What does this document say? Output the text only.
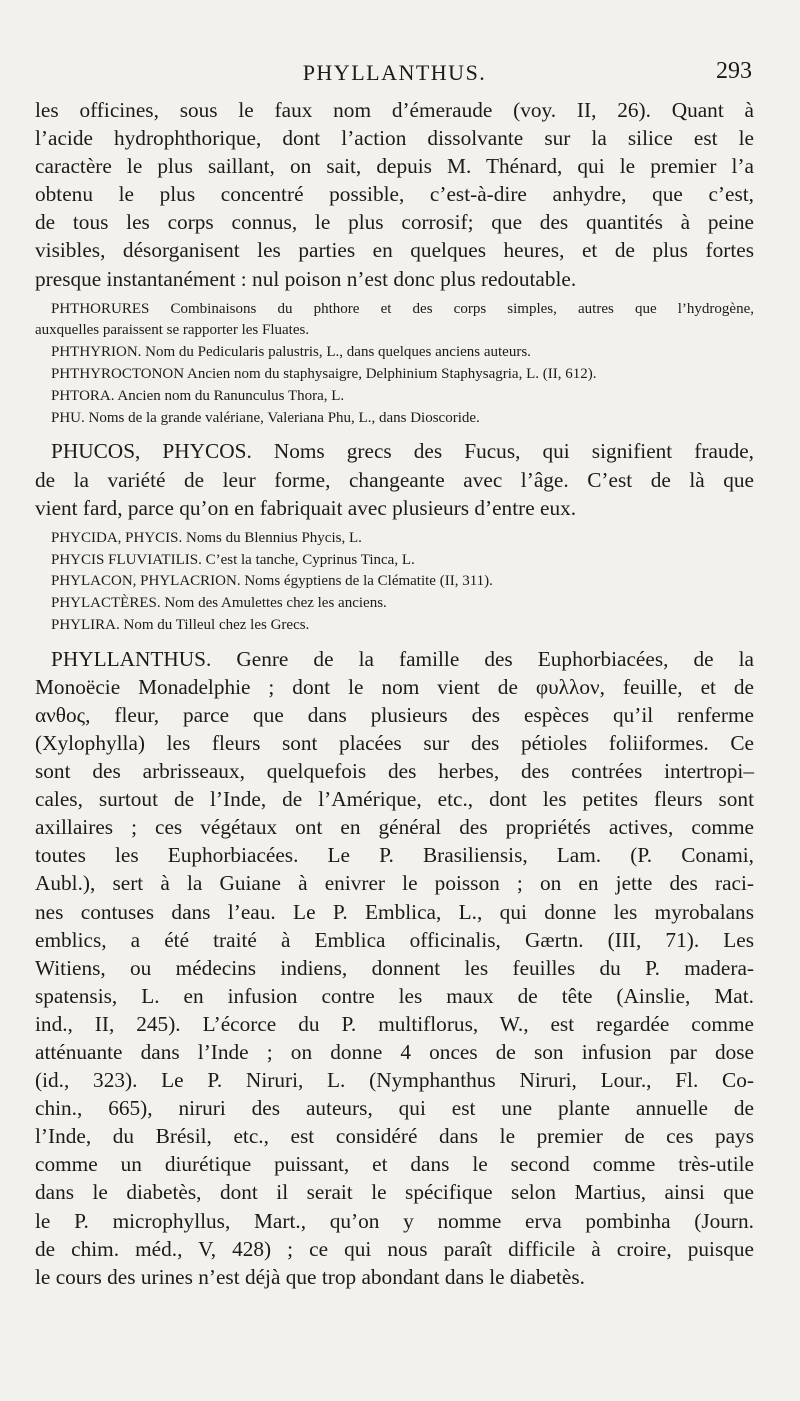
PHYLLANTHUS.	293

les officines, sous le faux nom d’émeraude (voy. II, 26). Quant à

l’acide hydrophthorique, dont l’action dissolvante sur la silice est le

caractère le plus saillant, on sait, depuis M. Thénard, qui le premier l’a

obtenu le plus concentré possible, c’est-à-dire anhydre, que c’est,

de tous les corps connus, le plus corrosif; que des quantités à peine

visibles, désorganisent les parties en quelques heures, et de plus fortes

presque instantanément : nul poison n’est donc plus redoutable.

PHTHORURES Combinaisons du phthore et des corps simples, autres que l’hydrogène,

auxquelles paraissent se rapporter les Fluates.

PHTHYRION. Nom du Pedicularis palustris, L., dans quelques anciens auteurs.

PHTHYROCTONON Ancien nom du staphysaigre, Delphinium Staphysagria, L. (II, 612).

PHTORA. Ancien nom du Ranunculus Thora, L.

PHU. Noms de la grande valériane, Valeriana Phu, L., dans Dioscoride.

PHUCOS, PHYCOS. Noms grecs des Fucus, qui signifient fraude,

de la variété de leur forme, changeante avec l’âge. C’est de là que

vient fard, parce qu’on en fabriquait avec plusieurs d’entre eux.

PHYCIDA, PHYCIS. Noms du Blennius Phycis, L.

PHYCIS FLUVIATILIS. C’est la tanche, Cyprinus Tinca, L.

PHYLACON, PHYLACRION. Noms égyptiens de la Clématite (II, 311).

PHYLACTÈRES. Nom des Amulettes chez les anciens.

PHYLIRA. Nom du Tilleul chez les Grecs.

PHYLLANTHUS. Genre de la famille des Euphorbiacées, de la

Monoëcie Monadelphie ; dont le nom vient de φυλλον, feuille, et de

ανθος, fleur, parce que dans plusieurs des espèces qu’il renferme

(Xylophylla) les fleurs sont placées sur des pétioles foliiformes. Ce

sont des arbrisseaux, quelquefois des herbes, des contrées intertropi–

cales, surtout de l’Inde, de l’Amérique, etc., dont les petites fleurs sont

axillaires ; ces végétaux ont en général des propriétés actives, comme

toutes les Euphorbiacées. Le P. Brasiliensis, Lam. (P. Conami,

Aubl.), sert à la Guiane à enivrer le poisson ; on en jette des raci-

nes contuses dans l’eau. Le P. Emblica, L., qui donne les myrobalans

emblics, a été traité à Emblica officinalis, Gærtn. (III, 71). Les

Witiens, ou médecins indiens, donnent les feuilles du P. madera-

spatensis, L. en infusion contre les maux de tête (Ainslie, Mat.

ind., II, 245). L’écorce du P. multiflorus, W., est regardée comme

atténuante dans l’Inde ; on donne 4 onces de son infusion par dose

(id., 323). Le P. Niruri, L. (Nymphanthus Niruri, Lour., Fl. Co-

chin., 665), niruri des auteurs, qui est une plante annuelle de

l’Inde, du Brésil, etc., est considéré dans le premier de ces pays

comme un diurétique puissant, et dans le second comme très-utile

dans le diabetès, dont il serait le spécifique selon Martius, ainsi que

le P. microphyllus, Mart., qu’on y nomme erva pombinha (Journ.

de chim. méd., V, 428) ; ce qui nous paraît difficile à croire, puisque

le cours des urines n’est déjà que trop abondant dans le diabetès.
